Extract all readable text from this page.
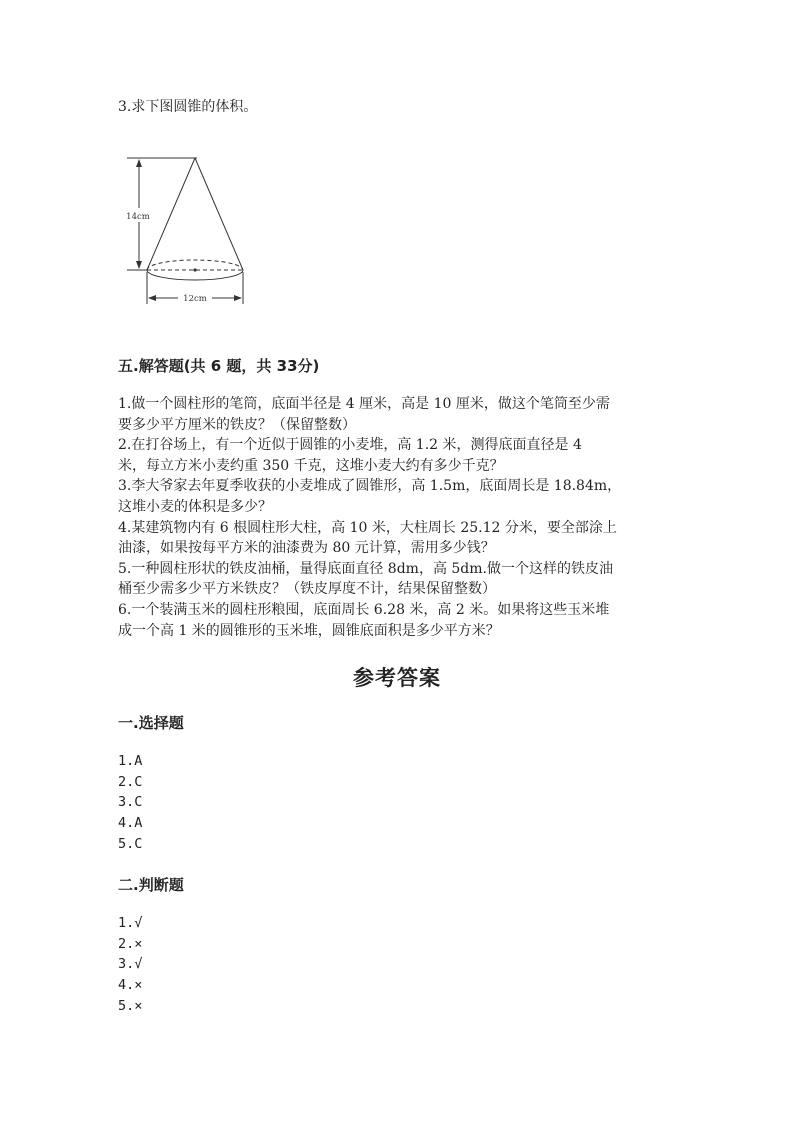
3.求下图圆锥的体积。
14cm
12cm
五.解答题(共 6 题，共 33分)
1.做一个圆柱形的笔筒，底面半径是 4 厘米，高是 10 厘米，做这个笔筒至少需
要多少平方厘米的铁皮？（保留整数）
2.在打谷场上，有一个近似于圆锥的小麦堆，高 1.2 米，测得底面直径是 4
米，每立方米小麦约重 350 千克，这堆小麦大约有多少千克？
3.李大爷家去年夏季收获的小麦堆成了圆锥形，高 1.5m，底面周长是 18.84m，
这堆小麦的体积是多少？
4.某建筑物内有 6 根圆柱形大柱，高 10 米，大柱周长 25.12 分米，要全部涂上
油漆，如果按每平方米的油漆费为 80 元计算，需用多少钱？
5.一种圆柱形状的铁皮油桶，量得底面直径 8dm，高 5dm.做一个这样的铁皮油
桶至少需多少平方米铁皮？（铁皮厚度不计，结果保留整数）
6.一个装满玉米的圆柱形粮囤，底面周长 6.28 米，高 2 米。如果将这些玉米堆
成一个高 1 米的圆锥形的玉米堆，圆锥底面积是多少平方米？
参考答案
一.选择题
1.A
2.C
3.C
4.A
5.C
二.判断题
1.√
2.×
3.√
4.×
5.×
